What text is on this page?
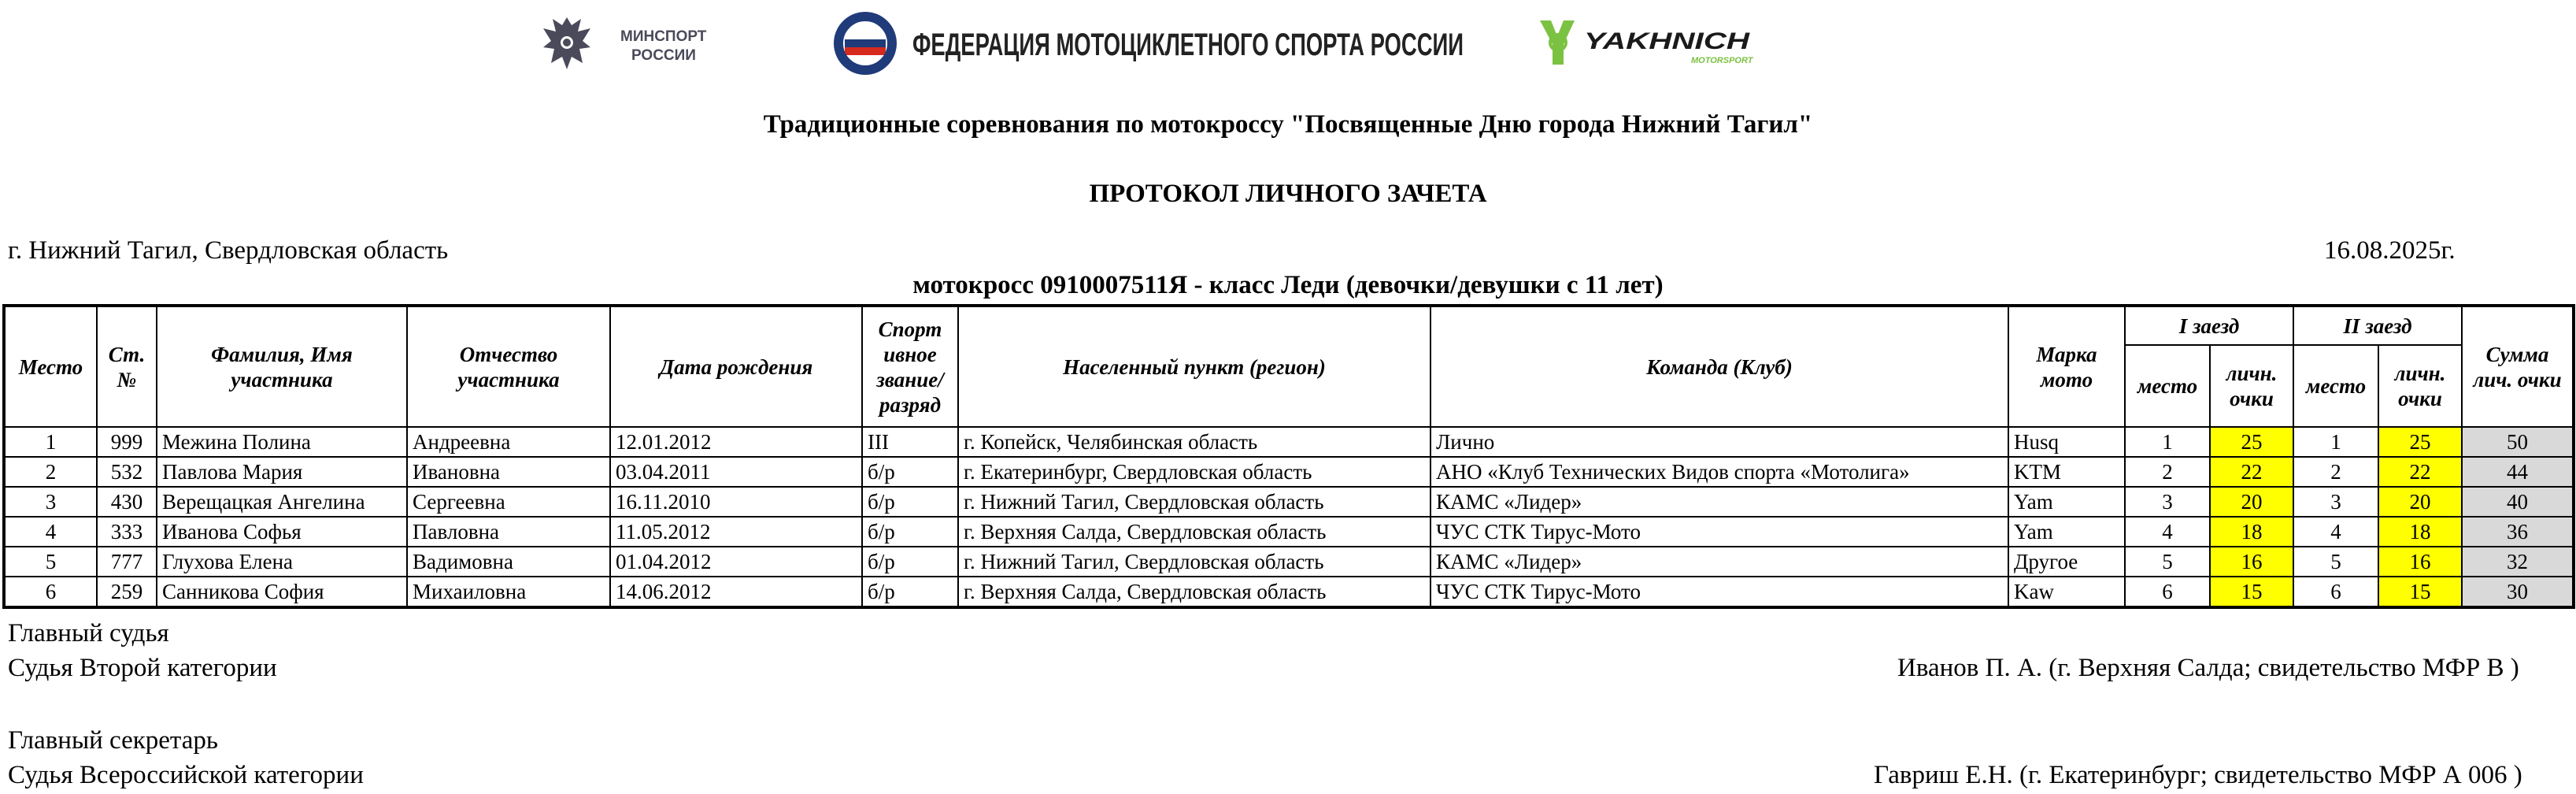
МИНСПОРТ
РОССИИ	ФЕДЕРАЦИЯ МОТОЦИКЛЕТНОГО СПОРТА РОССИИ	YAKHNICH
MOTORSPORT
Традиционные соревнования по мотокроссу "Посвященные Дню города Нижний Тагил"
ПРОТОКОЛ ЛИЧНОГО ЗАЧЕТА
г. Нижний Тагил, Свердловская область	16.08.2025г.
мотокросс 0910007511Я - класс Леди (девочки/девушки с 11 лет)
Место	Ст. №	Фамилия, Имя участника	Отчество участника	Дата рождения	Спорт ивное звание/ разряд	Населенный пункт (регион)	Команда (Клуб)	Марка мото	I заезд		II заезд		Сумма лич. очки
									место	личн. очки	место	личн. очки	
1	999	Межина Полина	Андреевна	12.01.2012	III	г. Копейск, Челябинская область	Лично	Husq	1	25	1	25	50
2	532	Павлова Мария	Ивановна	03.04.2011	б/р	г. Екатеринбург, Свердловская область	АНО «Клуб Технических Видов спорта «Мотолига»	KTM	2	22	2	22	44
3	430	Верещацкая Ангелина	Сергеевна	16.11.2010	б/р	г. Нижний Тагил, Свердловская область	КАМС «Лидер»	Yam	3	20	3	20	40
4	333	Иванова Софья	Павловна	11.05.2012	б/р	г. Верхняя Салда, Свердловская область	ЧУС СТК Тирус-Мото	Yam	4	18	4	18	36
5	777	Глухова Елена	Вадимовна	01.04.2012	б/р	г. Нижний Тагил, Свердловская область	КАМС «Лидер»	Другое	5	16	5	16	32
6	259	Санникова София	Михаиловна	14.06.2012	б/р	г. Верхняя Салда, Свердловская область	ЧУС СТК Тирус-Мото	Kaw	6	15	6	15	30
Главный судья
Судья Второй категории	Иванов П. А. (г. Верхняя Салда; свидетельство МФР В )
Главный секретарь
Судья Всероссийской категории	Гавриш Е.Н. (г. Екатеринбург; свидетельство МФР А 006 )
